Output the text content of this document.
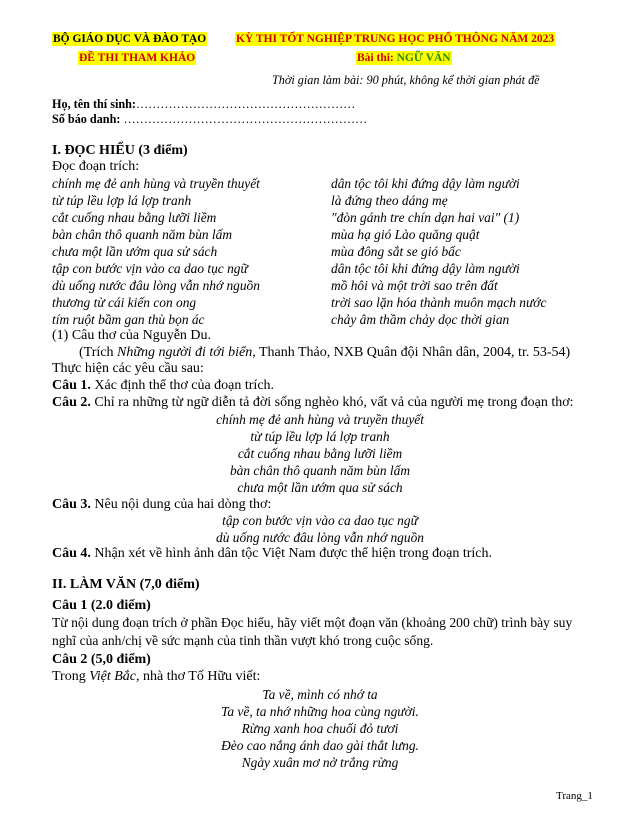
BỘ GIÁO DỤC VÀ ĐÀO TẠO	KỲ THI TỐT NGHIỆP TRUNG HỌC PHỔ THÔNG NĂM 2023
ĐỀ THI THAM KHẢO	Bài thi: NGỮ VĂN
Thời gian làm bài: 90 phút, không kể thời gian phát đề
Họ, tên thí sinh:………………………………………………
Số báo danh: ……………………………………………………
I. ĐỌC HIỂU (3 điểm)
Đọc đoạn trích:
chính mẹ đẻ anh hùng và truyền thuyết	dân tộc tôi khi đứng dậy làm người
từ túp lều lợp lá lợp tranh	là đứng theo dáng mẹ
cắt cuống nhau bằng lưỡi liềm	"đòn gánh tre chín dạn hai vai" (1)
bàn chân thô quanh năm bùn lấm	mùa hạ gió Lào quăng quật
chưa một lần ướm qua sử sách	mùa đông sắt se gió bấc
tập con bước vịn vào ca dao tục ngữ	dân tộc tôi khi đứng dậy làm người
dù uống nước đâu lòng vẫn nhớ nguồn	mồ hôi và một trời sao trên đất
thương từ cái kiến con ong	trời sao lặn hóa thành muôn mạch nước
tím ruột bầm gan thù bọn ác	chảy âm thầm chảy dọc thời gian
(1) Câu thơ của Nguyễn Du.
(Trích Những người đi tới biển, Thanh Thảo, NXB Quân đội Nhân dân, 2004, tr. 53-54)
Thực hiện các yêu cầu sau:
Câu 1. Xác định thể thơ của đoạn trích.
Câu 2. Chỉ ra những từ ngữ diễn tả đời sống nghèo khó, vất vả của người mẹ trong đoạn thơ:
chính mẹ đẻ anh hùng và truyền thuyết
từ túp lều lợp lá lợp tranh
cắt cuống nhau bằng lưỡi liềm
bàn chân thô quanh năm bùn lấm
chưa một lần ướm qua sử sách
Câu 3. Nêu nội dung của hai dòng thơ:
tập con bước vịn vào ca dao tục ngữ
dù uống nước đâu lòng vẫn nhớ nguồn
Câu 4. Nhận xét về hình ảnh dân tộc Việt Nam được thể hiện trong đoạn trích.
II. LÀM VĂN (7,0 điểm)
Câu 1 (2.0 điểm)
Từ nội dung đoạn trích ở phần Đọc hiểu, hãy viết một đoạn văn (khoảng 200 chữ) trình bày suy nghĩ của anh/chị về sức mạnh của tinh thần vượt khó trong cuộc sống.
Câu 2 (5,0 điểm)
Trong Việt Bắc, nhà thơ Tố Hữu viết:
Ta về, mình có nhớ ta
Ta về, ta nhớ những hoa cùng người.
Rừng xanh hoa chuối đỏ tươi
Đèo cao nắng ánh dao gài thắt lưng.
Ngày xuân mơ nở trắng rừng
Trang_1
